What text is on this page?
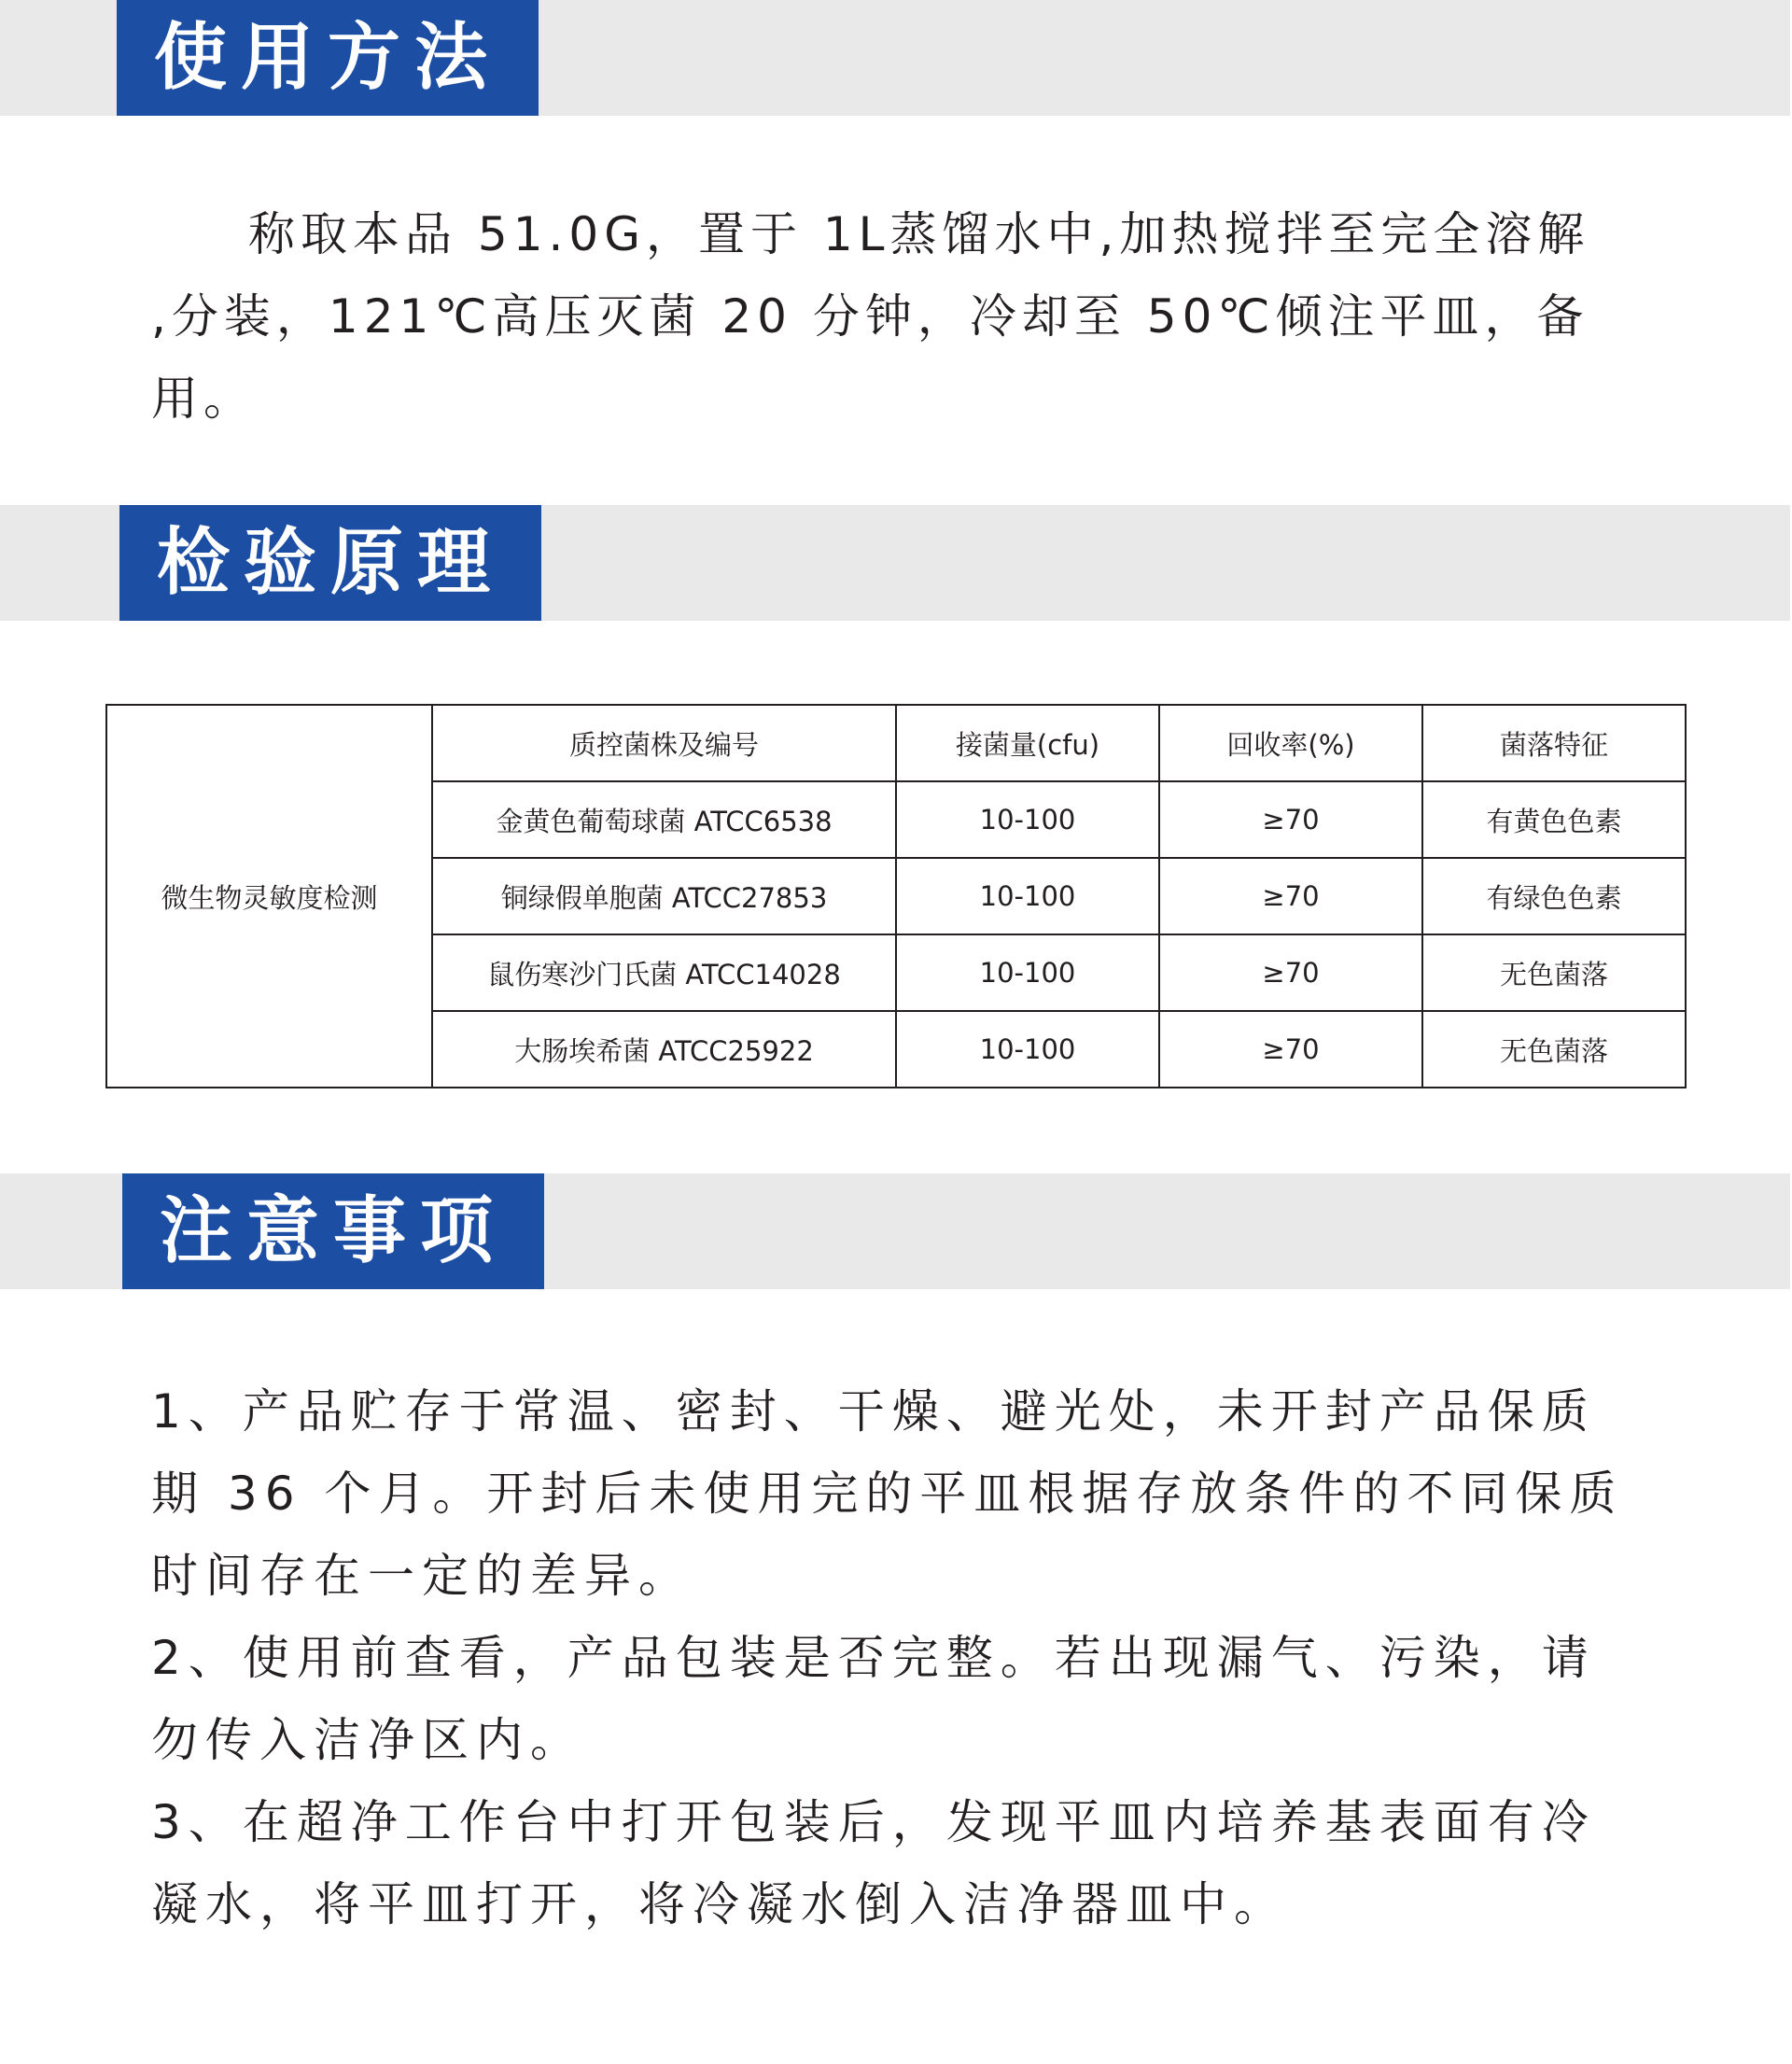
使用方法

称取本品 51.0G，置于 1L蒸馏水中,加热搅拌至完全溶解
,分装，121℃高压灭菌 20 分钟，冷却至 50℃倾注平皿，备
用。

检验原理
微生物灵敏度检测	质控菌株及编号	接菌量(cfu)	回收率(%)	菌落特征
	金黄色葡萄球菌 ATCC6538	10-100	≥70	有黄色色素
	铜绿假单胞菌 ATCC27853	10-100	≥70	有绿色色素
	鼠伤寒沙门氏菌 ATCC14028	10-100	≥70	无色菌落
	大肠埃希菌 ATCC25922	10-100	≥70	无色菌落
注意事项
1、产品贮存于常温、密封、干燥、避光处，未开封产品保质
期 36 个月。开封后未使用完的平皿根据存放条件的不同保质
时间存在一定的差异。
2、使用前查看，产品包装是否完整。若出现漏气、污染，请
勿传入洁净区内。
3、在超净工作台中打开包装后，发现平皿内培养基表面有冷
凝水，将平皿打开，将冷凝水倒入洁净器皿中。
